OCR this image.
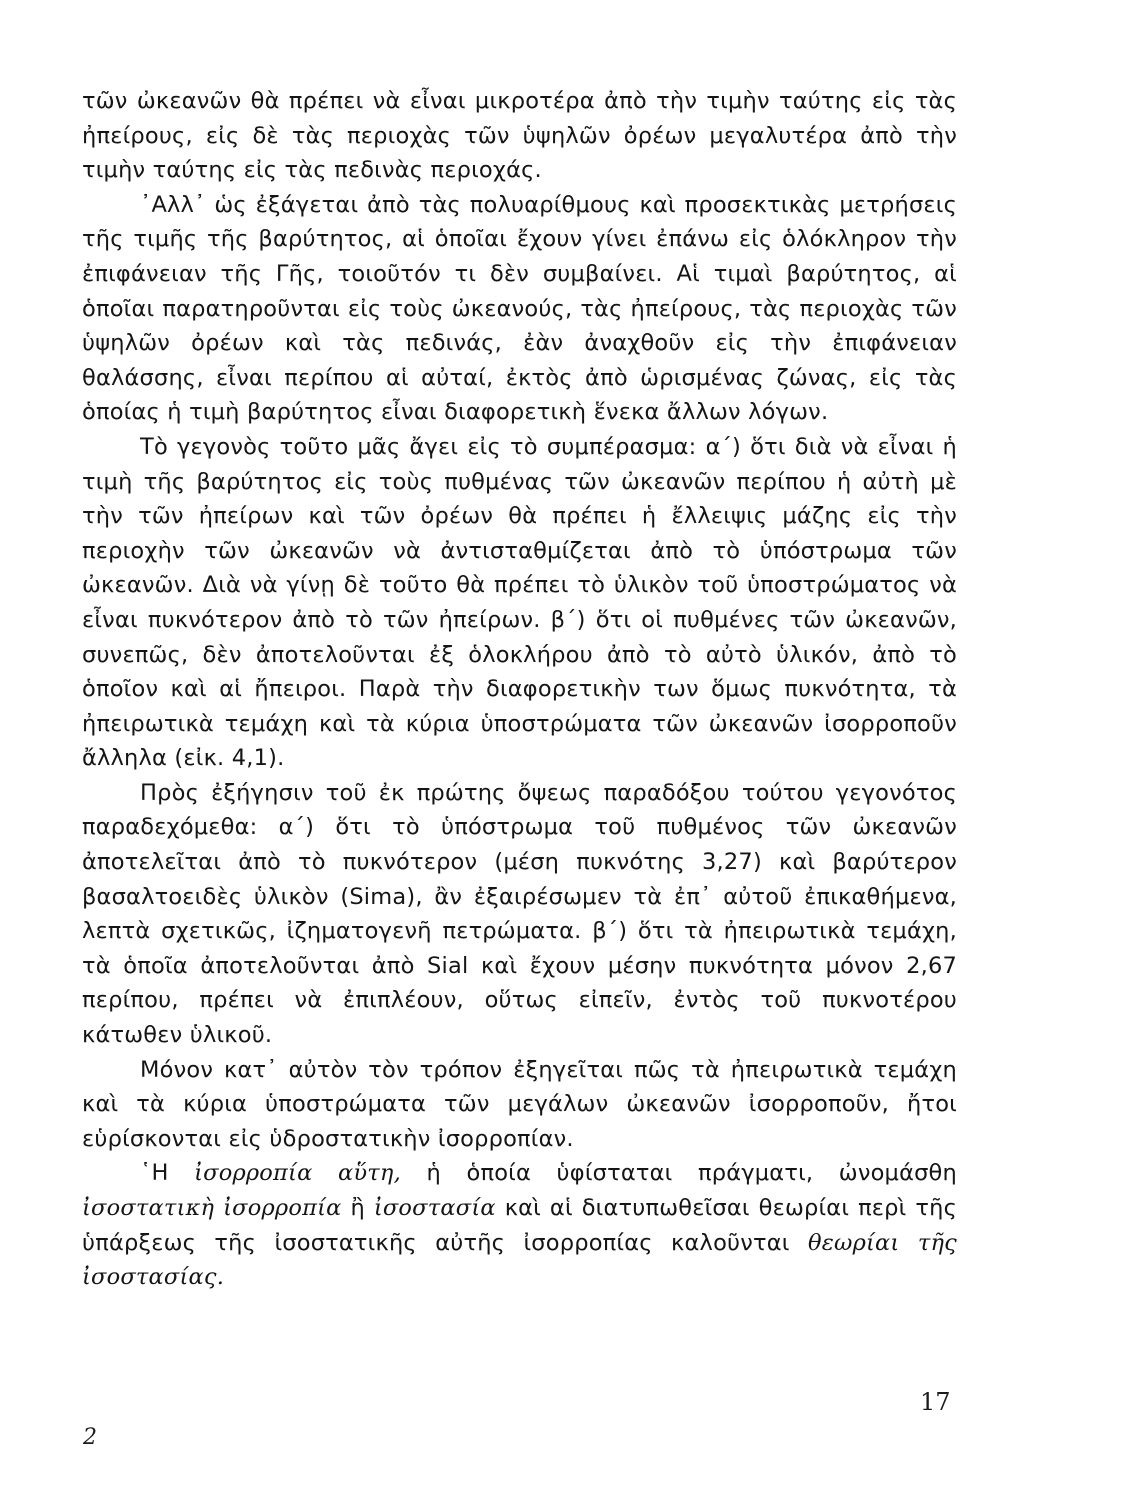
τῶν ὠκεανῶν θὰ πρέπει νὰ εἶναι μικροτέρα ἀπὸ τὴν τιμὴν ταύτης εἰς τὰς ἠπείρους, εἰς δὲ τὰς περιοχὰς τῶν ὑψηλῶν ὀρέων μεγαλυτέρα ἀπὸ τὴν τιμὴν ταύτης εἰς τὰς πεδινὰς περιοχάς.

᾿Αλλ᾿ ὡς ἐξάγεται ἀπὸ τὰς πολυαρίθμους καὶ προσεκτικὰς μετρήσεις τῆς τιμῆς τῆς βαρύτητος, αἱ ὁποῖαι ἔχουν γίνει ἐπάνω εἰς ὁλόκληρον τὴν ἐπιφάνειαν τῆς Γῆς, τοιοῦτόν τι δὲν συμβαίνει. Αἱ τιμαὶ βαρύτητος, αἱ ὁποῖαι παρατηροῦνται εἰς τοὺς ὠκεανούς, τὰς ἠπείρους, τὰς περιοχὰς τῶν ὑψηλῶν ὀρέων καὶ τὰς πεδινάς, ἐὰν ἀναχθοῦν εἰς τὴν ἐπιφάνειαν θαλάσσης, εἶναι περίπου αἱ αὐταί, ἐκτὸς ἀπὸ ὡρισμένας ζώνας, εἰς τὰς ὁποίας ἡ τιμὴ βαρύτητος εἶναι διαφορετικὴ ἕνεκα ἄλλων λόγων.

Τὸ γεγονὸς τοῦτο μᾶς ἄγει εἰς τὸ συμπέρασμα: α΄) ὅτι διὰ νὰ εἶναι ἡ τιμὴ τῆς βαρύτητος εἰς τοὺς πυθμένας τῶν ὠκεανῶν περίπου ἡ αὐτὴ μὲ τὴν τῶν ἠπείρων καὶ τῶν ὀρέων θὰ πρέπει ἡ ἔλλειψις μάζης εἰς τὴν περιοχὴν τῶν ὠκεανῶν νὰ ἀντισταθμίζεται ἀπὸ τὸ ὑπόστρωμα τῶν ὠκεανῶν. Διὰ νὰ γίνῃ δὲ τοῦτο θὰ πρέπει τὸ ὑλικὸν τοῦ ὑποστρώματος νὰ εἶναι πυκνότερον ἀπὸ τὸ τῶν ἠπείρων. β΄) ὅτι οἱ πυθμένες τῶν ὠκεανῶν, συνεπῶς, δὲν ἀποτελοῦνται ἐξ ὁλοκλήρου ἀπὸ τὸ αὐτὸ ὑλικόν, ἀπὸ τὸ ὁποῖον καὶ αἱ ἤπειροι. Παρὰ τὴν διαφορετικὴν των ὅμως πυκνότητα, τὰ ἠπειρωτικὰ τεμάχη καὶ τὰ κύρια ὑποστρώματα τῶν ὠκεανῶν ἰσορροποῦν ἄλληλα (εἰκ. 4,1).

Πρὸς ἐξήγησιν τοῦ ἐκ πρώτης ὄψεως παραδόξου τούτου γεγονότος παραδεχόμεθα: α΄) ὅτι τὸ ὑπόστρωμα τοῦ πυθμένος τῶν ὠκεανῶν ἀποτελεῖται ἀπὸ τὸ πυκνότερον (μέση πυκνότης 3,27) καὶ βαρύτερον βασαλτοειδὲς ὑλικὸν (Sima), ἂν ἐξαιρέσωμεν τὰ ἐπ᾿ αὐτοῦ ἐπικαθήμενα, λεπτὰ σχετικῶς, ἰζηματογενῆ πετρώματα. β΄) ὅτι τὰ ἠπειρωτικὰ τεμάχη, τὰ ὁποῖα ἀποτελοῦνται ἀπὸ Sial καὶ ἔχουν μέσην πυκνότητα μόνον 2,67 περίπου, πρέπει νὰ ἐπιπλέουν, οὕτως εἰπεῖν, ἐντὸς τοῦ πυκνοτέρου κάτωθεν ὑλικοῦ.

Μόνον κατ᾿ αὐτὸν τὸν τρόπον ἐξηγεῖται πῶς τὰ ἠπειρωτικὰ τεμάχη καὶ τὰ κύρια ὑποστρώματα τῶν μεγάλων ὠκεανῶν ἰσορροποῦν, ἤτοι εὑρίσκονται εἰς ὑδροστατικὴν ἰσορροπίαν.

῾Η ἰσορροπία αὕτη, ἡ ὁποία ὑφίσταται πράγματι, ὠνομάσθη ἰσοστατικὴ ἰσορροπία ἢ ἰσοστασία καὶ αἱ διατυπωθεῖσαι θεωρίαι περὶ τῆς ὑπάρξεως τῆς ἰσοστατικῆς αὐτῆς ἰσορροπίας καλοῦνται θεωρίαι τῆς ἰσοστασίας.

17
2
